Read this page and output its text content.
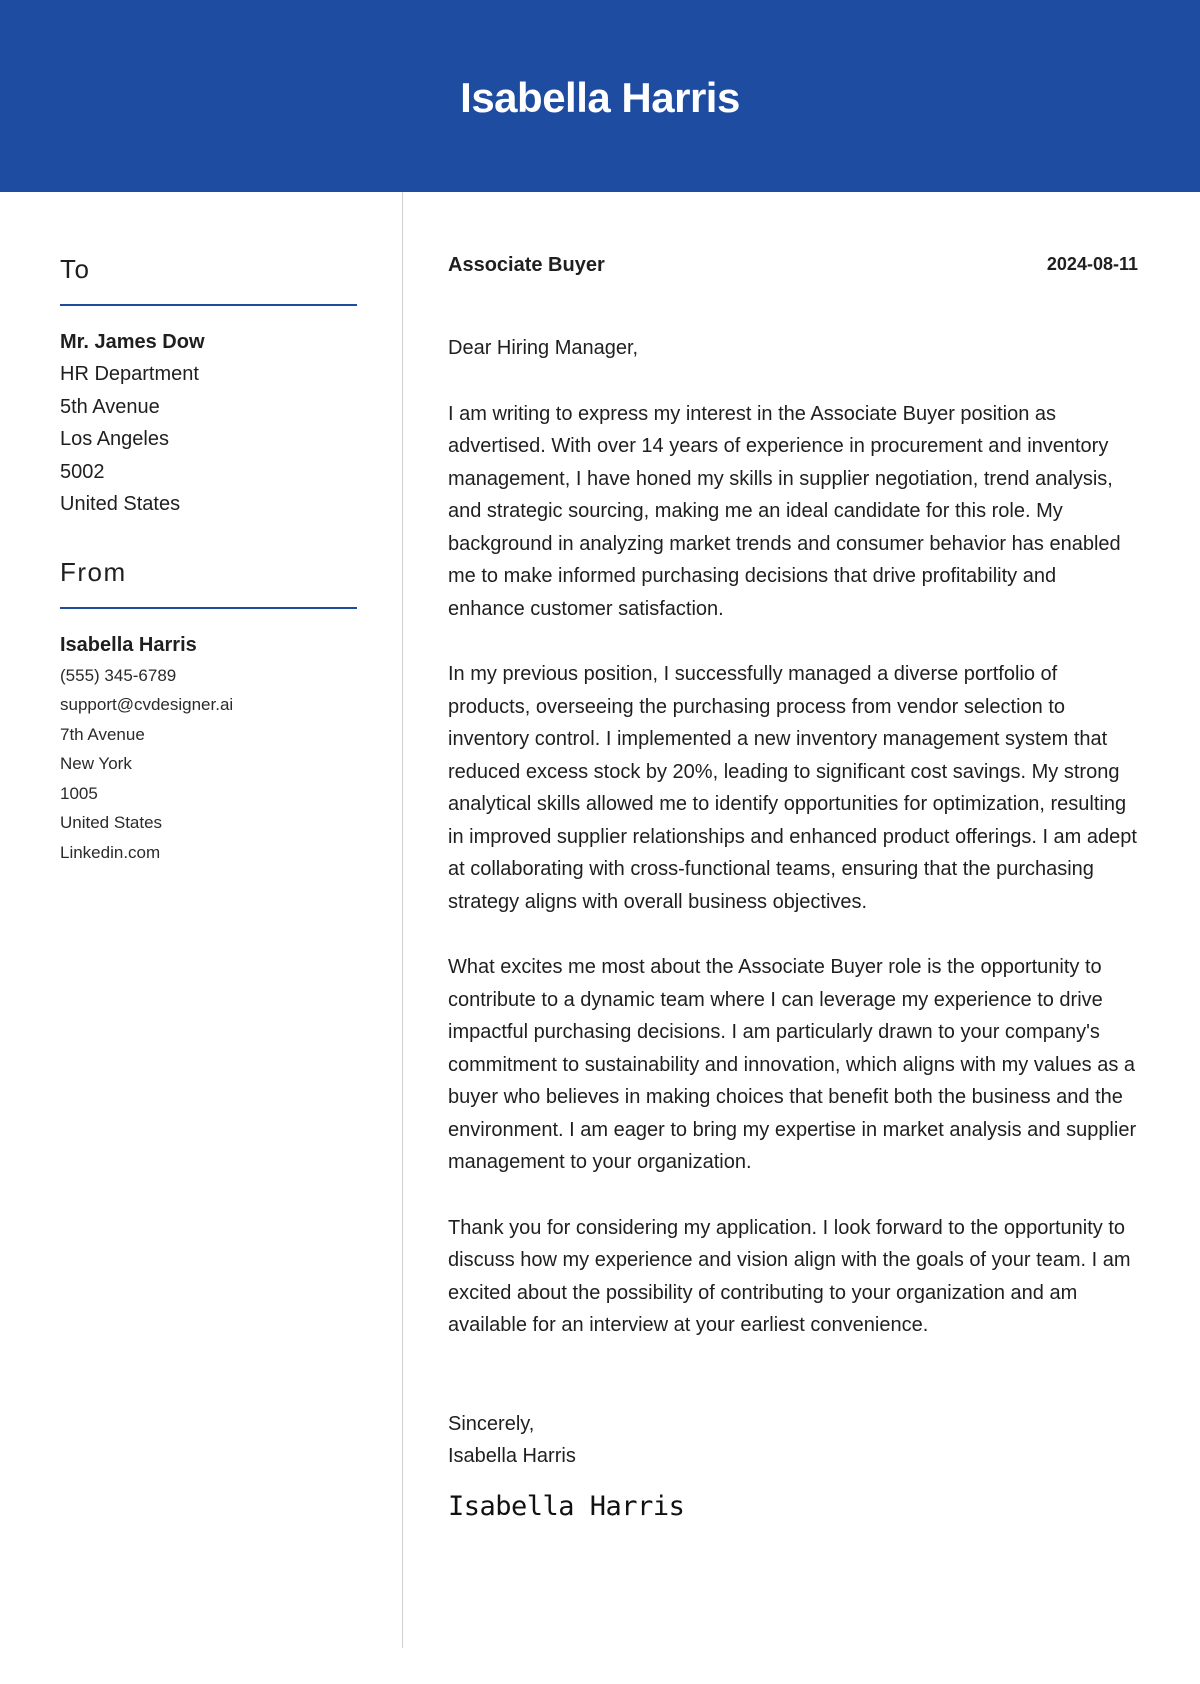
Isabella Harris
To
Mr. James Dow
HR Department
5th Avenue
Los Angeles
5002
United States
From
Isabella Harris
(555) 345-6789
support@cvdesigner.ai
7th Avenue
New York
1005
United States
Linkedin.com
Associate Buyer	2024-08-11
Dear Hiring Manager,
I am writing to express my interest in the Associate Buyer position as advertised. With over 14 years of experience in procurement and inventory management, I have honed my skills in supplier negotiation, trend analysis, and strategic sourcing, making me an ideal candidate for this role. My background in analyzing market trends and consumer behavior has enabled me to make informed purchasing decisions that drive profitability and enhance customer satisfaction.
In my previous position, I successfully managed a diverse portfolio of products, overseeing the purchasing process from vendor selection to inventory control. I implemented a new inventory management system that reduced excess stock by 20%, leading to significant cost savings. My strong analytical skills allowed me to identify opportunities for optimization, resulting in improved supplier relationships and enhanced product offerings. I am adept at collaborating with cross-functional teams, ensuring that the purchasing strategy aligns with overall business objectives.
What excites me most about the Associate Buyer role is the opportunity to contribute to a dynamic team where I can leverage my experience to drive impactful purchasing decisions. I am particularly drawn to your company's commitment to sustainability and innovation, which aligns with my values as a buyer who believes in making choices that benefit both the business and the environment. I am eager to bring my expertise in market analysis and supplier management to your organization.
Thank you for considering my application. I look forward to the opportunity to discuss how my experience and vision align with the goals of your team. I am excited about the possibility of contributing to your organization and am available for an interview at your earliest convenience.
Sincerely,
Isabella Harris
Isabella Harris
